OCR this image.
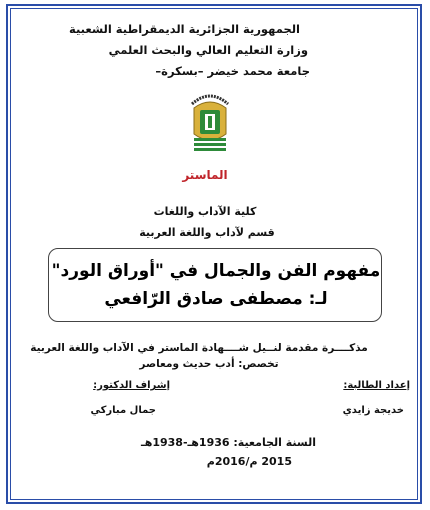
الجمهورية الجزائرية الديمقراطية الشعبية
وزارة التعليم العالي والبحث العلمي
جامعة محمد خيضر –بسكرة–
الماستر
كلية الآداب واللغات
قسم لآداب واللغة العربية
مفهوم الفن والجمال في "أوراق الورد"
لـ: مصطفى صادق الرّافعي
مذكــــرة مقدمة لنــيل شــــهادة الماستر في الآداب واللغة العربية
تخصص: أدب حديث ومعاصر
إعداد الطالبة:
خديجة زايدي
إشراف الدكتور:
جمال مباركي
السنة الجامعية: 1936هـ-1938هـ
2015 م/2016م
